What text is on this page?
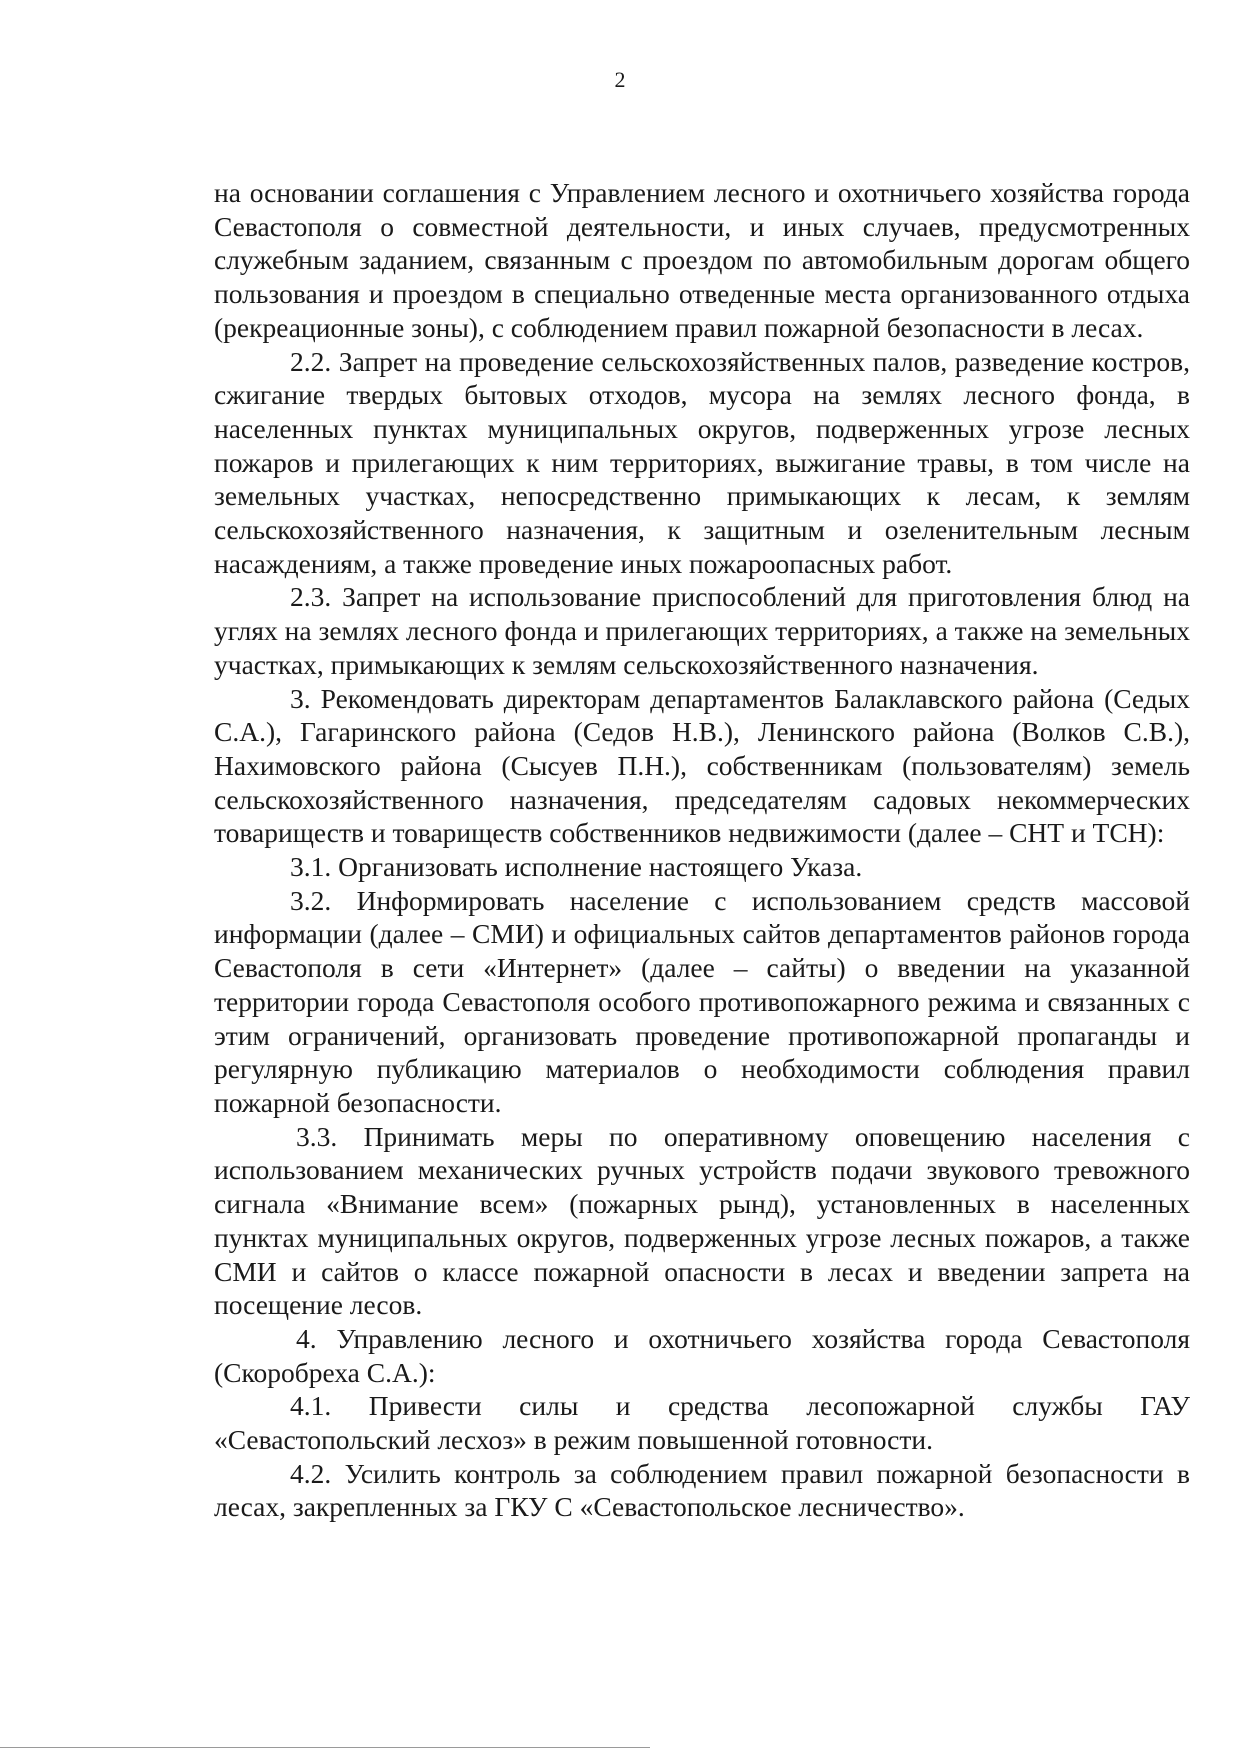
2

на основании соглашения с Управлением лесного и охотничьего хозяйства города Севастополя о совместной деятельности, и иных случаев, предусмотренных служебным заданием, связанным с проездом по автомобильным дорогам общего пользования и проездом в специально отведенные места организованного отдыха (рекреационные зоны), с соблюдением правил пожарной безопасности в лесах.

2.2. Запрет на проведение сельскохозяйственных палов, разведение костров, сжигание твердых бытовых отходов, мусора на землях лесного фонда, в населенных пунктах муниципальных округов, подверженных угрозе лесных пожаров и прилегающих к ним территориях, выжигание травы, в том числе на земельных участках, непосредственно примыкающих к лесам, к землям сельскохозяйственного назначения, к защитным и озеленительным лесным насаждениям, а также проведение иных пожароопасных работ.

2.3. Запрет на использование приспособлений для приготовления блюд на углях на землях лесного фонда и прилегающих территориях, а также на земельных участках, примыкающих к землям сельскохозяйственного назначения.

3. Рекомендовать директорам департаментов Балаклавского района (Седых С.А.), Гагаринского района (Седов Н.В.), Ленинского района (Волков С.В.), Нахимовского района (Сысуев П.Н.), собственникам (пользователям) земель сельскохозяйственного назначения, председателям садовых некоммерческих товариществ и товариществ собственников недвижимости (далее – СНТ и ТСН):

3.1. Организовать исполнение настоящего Указа.

3.2. Информировать население с использованием средств массовой информации (далее – СМИ) и официальных сайтов департаментов районов города Севастополя в сети «Интернет» (далее – сайты) о введении на указанной территории города Севастополя особого противопожарного режима и связанных с этим ограничений, организовать проведение противопожарной пропаганды и регулярную публикацию материалов о необходимости соблюдения правил пожарной безопасности.

3.3. Принимать меры по оперативному оповещению населения с использованием механических ручных устройств подачи звукового тревожного сигнала «Внимание всем» (пожарных рынд), установленных в населенных пунктах муниципальных округов, подверженных угрозе лесных пожаров, а также СМИ и сайтов о классе пожарной опасности в лесах и введении запрета на посещение лесов.

4. Управлению лесного и охотничьего хозяйства города Севастополя (Скоробреха С.А.):

4.1. Привести силы и средства лесопожарной службы ГАУ «Севастопольский лесхоз» в режим повышенной готовности.

4.2. Усилить контроль за соблюдением правил пожарной безопасности в лесах, закрепленных за ГКУ С «Севастопольское лесничество».
